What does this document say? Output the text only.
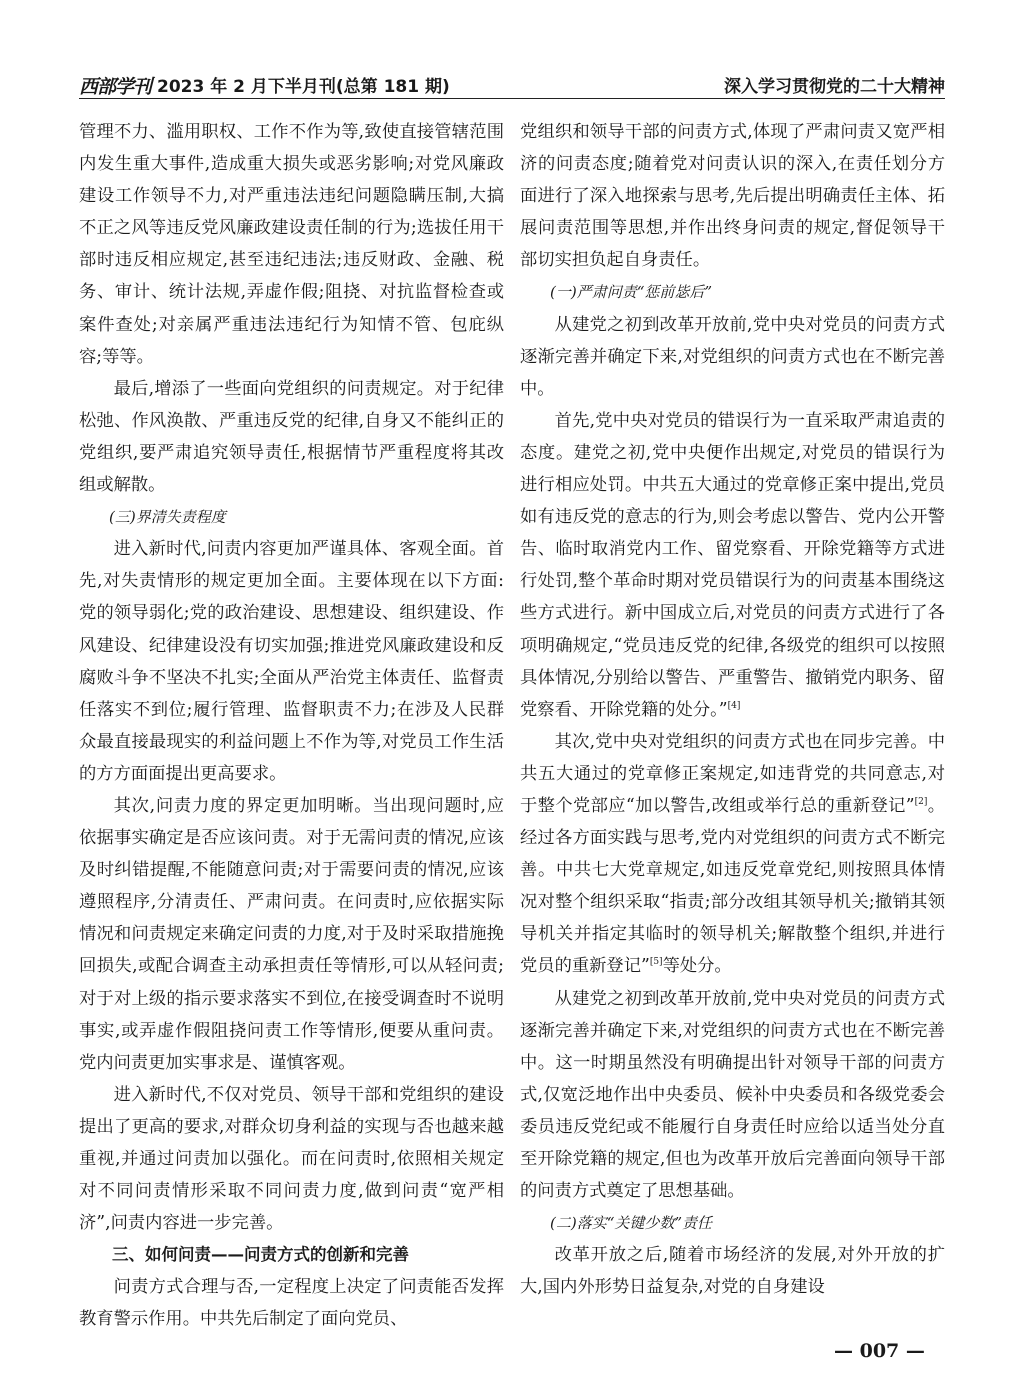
西部学刊 2023 年 2 月下半月刊(总第 181 期)	深入学习贯彻党的二十大精神

管理不力、滥用职权、工作不作为等,致使直接管辖范围内发生重大事件,造成重大损失或恶劣影响;对党风廉政建设工作领导不力,对严重违法违纪问题隐瞒压制,大搞不正之风等违反党风廉政建设责任制的行为;选拔任用干部时违反相应规定,甚至违纪违法;违反财政、金融、税务、审计、统计法规,弄虚作假;阻挠、对抗监督检查或案件查处;对亲属严重违法违纪行为知情不管、包庇纵容;等等。

最后,增添了一些面向党组织的问责规定。对于纪律松弛、作风涣散、严重违反党的纪律,自身又不能纠正的党组织,要严肃追究领导责任,根据情节严重程度将其改组或解散。

(三)界清失责程度

进入新时代,问责内容更加严谨具体、客观全面。首先,对失责情形的规定更加全面。主要体现在以下方面:党的领导弱化;党的政治建设、思想建设、组织建设、作风建设、纪律建设没有切实加强;推进党风廉政建设和反腐败斗争不坚决不扎实;全面从严治党主体责任、监督责任落实不到位;履行管理、监督职责不力;在涉及人民群众最直接最现实的利益问题上不作为等,对党员工作生活的方方面面提出更高要求。

其次,问责力度的界定更加明晰。当出现问题时,应依据事实确定是否应该问责。对于无需问责的情况,应该及时纠错提醒,不能随意问责;对于需要问责的情况,应该遵照程序,分清责任、严肃问责。在问责时,应依据实际情况和问责规定来确定问责的力度,对于及时采取措施挽回损失,或配合调查主动承担责任等情形,可以从轻问责;对于对上级的指示要求落实不到位,在接受调查时不说明事实,或弄虚作假阻挠问责工作等情形,便要从重问责。党内问责更加实事求是、谨慎客观。

进入新时代,不仅对党员、领导干部和党组织的建设提出了更高的要求,对群众切身利益的实现与否也越来越重视,并通过问责加以强化。而在问责时,依照相关规定对不同问责情形采取不同问责力度,做到问责“宽严相济”,问责内容进一步完善。

三、如何问责——问责方式的创新和完善

问责方式合理与否,一定程度上决定了问责能否发挥教育警示作用。中共先后制定了面向党员、

党组织和领导干部的问责方式,体现了严肃问责又宽严相济的问责态度;随着党对问责认识的深入,在责任划分方面进行了深入地探索与思考,先后提出明确责任主体、拓展问责范围等思想,并作出终身问责的规定,督促领导干部切实担负起自身责任。

(一)严肃问责“惩前毖后”

从建党之初到改革开放前,党中央对党员的问责方式逐渐完善并确定下来,对党组织的问责方式也在不断完善中。

首先,党中央对党员的错误行为一直采取严肃追责的态度。建党之初,党中央便作出规定,对党员的错误行为进行相应处罚。中共五大通过的党章修正案中提出,党员如有违反党的意志的行为,则会考虑以警告、党内公开警告、临时取消党内工作、留党察看、开除党籍等方式进行处罚,整个革命时期对党员错误行为的问责基本围绕这些方式进行。新中国成立后,对党员的问责方式进行了各项明确规定,“党员违反党的纪律,各级党的组织可以按照具体情况,分别给以警告、严重警告、撤销党内职务、留党察看、开除党籍的处分。”[4]

其次,党中央对党组织的问责方式也在同步完善。中共五大通过的党章修正案规定,如违背党的共同意志,对于整个党部应“加以警告,改组或举行总的重新登记”[2]。经过各方面实践与思考,党内对党组织的问责方式不断完善。中共七大党章规定,如违反党章党纪,则按照具体情况对整个组织采取“指责;部分改组其领导机关;撤销其领导机关并指定其临时的领导机关;解散整个组织,并进行党员的重新登记”[5]等处分。

从建党之初到改革开放前,党中央对党员的问责方式逐渐完善并确定下来,对党组织的问责方式也在不断完善中。这一时期虽然没有明确提出针对领导干部的问责方式,仅宽泛地作出中央委员、候补中央委员和各级党委会委员违反党纪或不能履行自身责任时应给以适当处分直至开除党籍的规定,但也为改革开放后完善面向领导干部的问责方式奠定了思想基础。

(二)落实“关键少数”责任

改革开放之后,随着市场经济的发展,对外开放的扩大,国内外形势日益复杂,对党的自身建设

— 007 —
